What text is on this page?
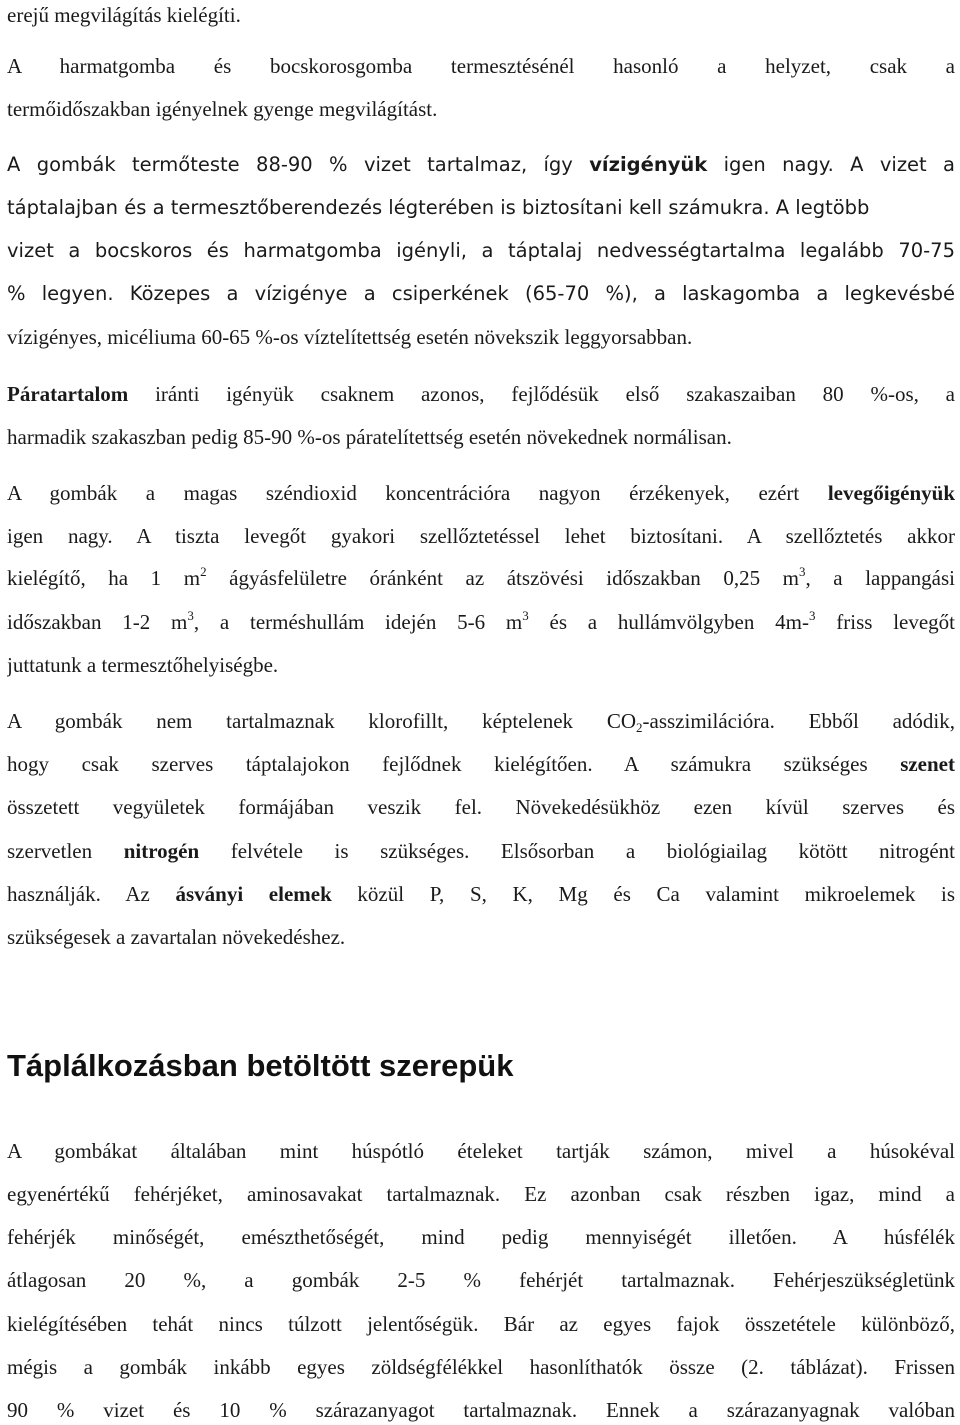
erejű megvilágítás kielégíti.
A harmatgomba és bocskorosgomba termesztésénél hasonló a helyzet, csak a
termőidőszakban igényelnek gyenge megvilágítást.
A gombák termőteste 88-90 % vizet tartalmaz, így vízigényük igen nagy. A vizet a
táptalajban és a termesztőberendezés légterében is biztosítani kell számukra. A legtöbb
vizet a bocskoros és harmatgomba igényli, a táptalaj nedvességtartalma legalább 70-75
% legyen. Közepes a vízigénye a csiperkének (65-70 %), a laskagomba a legkevésbé
vízigényes, micéliuma 60-65 %-os víztelítettség esetén növekszik leggyorsabban.
Páratartalom iránti igényük csaknem azonos, fejlődésük első szakaszaiban 80 %-os, a
harmadik szakaszban pedig 85-90 %-os páratelítettség esetén növekednek normálisan.
A gombák a magas széndioxid koncentrációra nagyon érzékenyek, ezért levegőigényük
igen nagy. A tiszta levegőt gyakori szellőztetéssel lehet biztosítani. A szellőztetés akkor
kielégítő, ha 1 $m^2$ ágyásfelületre óránként az átszövési időszakban 0,25 $m^3$, a lappangási
időszakban 1-2 $m^3$, a terméshullám idején 5-6 $m^3$ és a hullámvölgyben 4m-$^3$ friss levegőt
juttatunk a termesztőhelyiségbe.
A gombák nem tartalmaznak klorofillt, képtelenek $CO_2$-asszimilációra. Ebből adódik,
hogy csak szerves táptalajokon fejlődnek kielégítően. A számukra szükséges szenet
összetett vegyületek formájában veszik fel. Növekedésükhöz ezen kívül szerves és
szervetlen nitrogén felvétele is szükséges. Elsősorban a biológiailag kötött nitrogént
használják. Az ásványi elemek közül P, S, K, Mg és Ca valamint mikroelemek is
szükségesek a zavartalan növekedéshez.
A gombákat általában mint húspótló ételeket tartják számon, mivel a húsokéval
egyenértékű fehérjéket, aminosavakat tartalmaznak. Ez azonban csak részben igaz, mind a
fehérjék minőségét, emészthetőségét, mind pedig mennyiségét illetően. A húsfélék
átlagosan 20 %, a gombák 2-5 % fehérjét tartalmaznak. Fehérjeszükségletünk
kielégítésében tehát nincs túlzott jelentőségük. Bár az egyes fajok összetétele különböző,
mégis a gombák inkább egyes zöldségfélékkel hasonlíthatók össze (2. táblázat). Frissen
90 % vizet és 10 % szárazanyagot tartalmaznak. Ennek a szárazanyagnak valóban
Táplálkozásban betöltött szerepük
